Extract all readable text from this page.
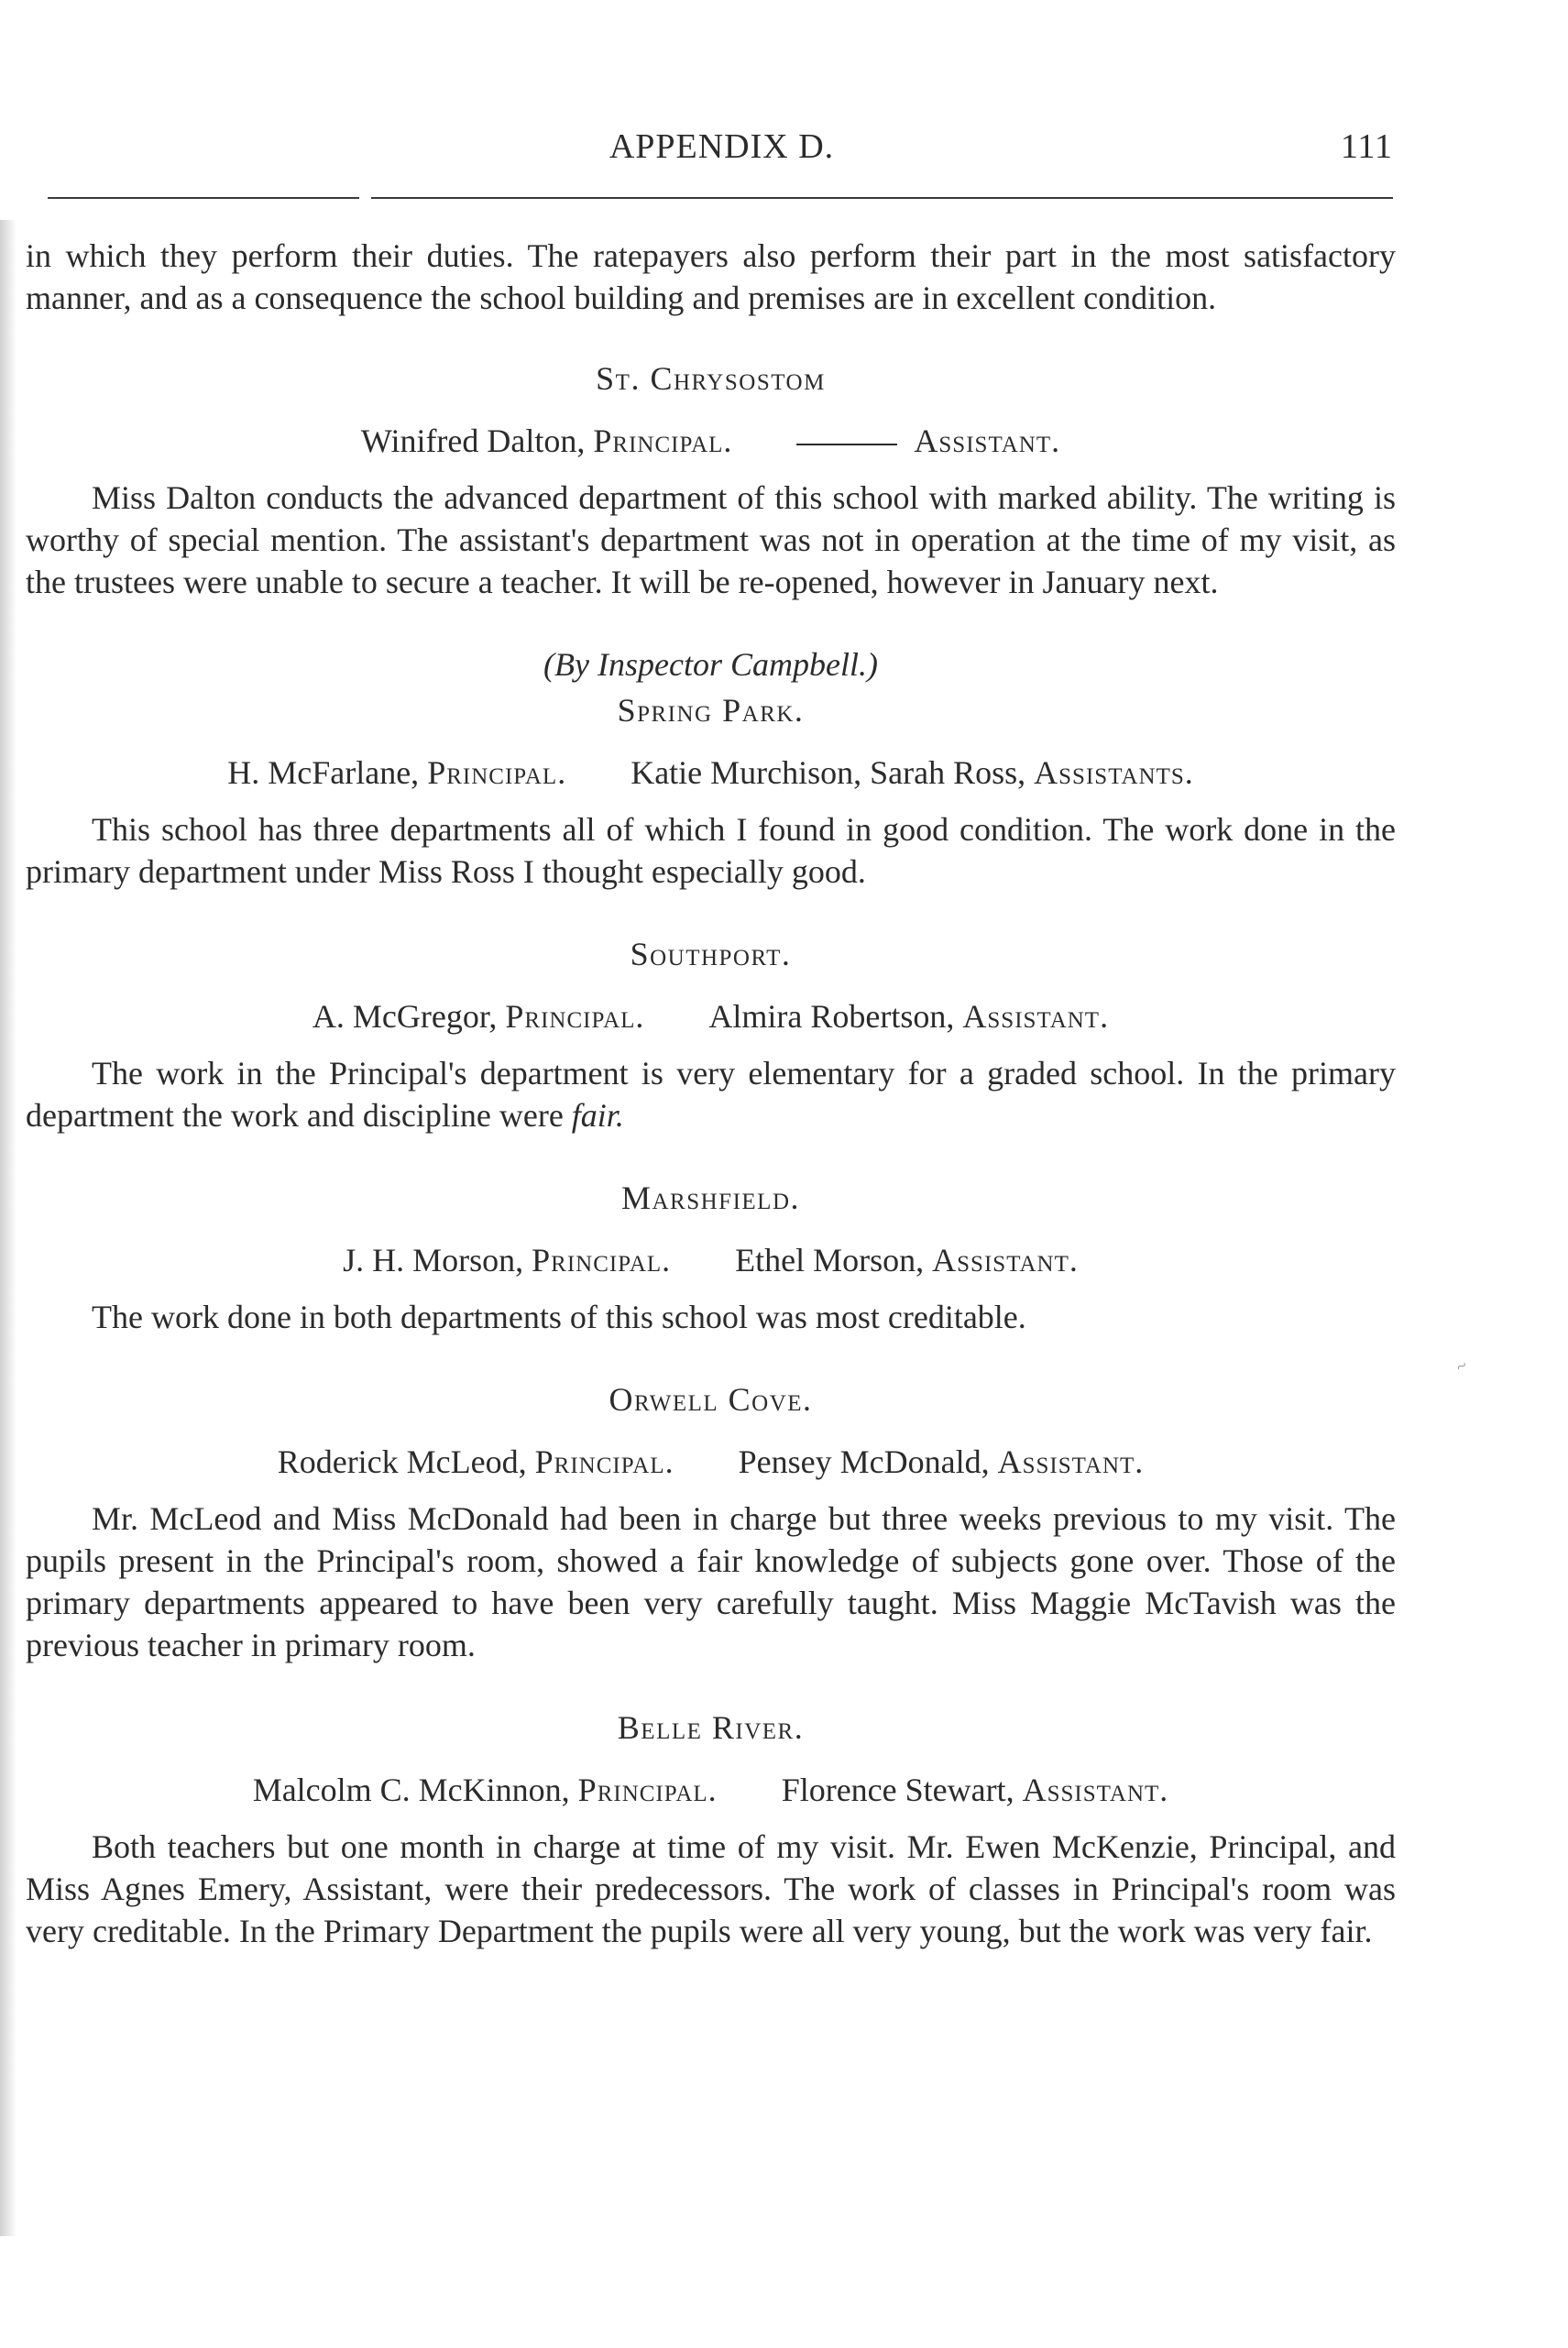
APPENDIX D.	111

in which they perform their duties. The ratepayers also perform their part in the most satisfactory manner, and as a consequence the school building and premises are in excellent condition.

St. Chrysostom
Winifred Dalton, Principal.	Assistant.

Miss Dalton conducts the advanced department of this school with marked ability. The writing is worthy of special mention. The assistant's department was not in operation at the time of my visit, as the trustees were unable to secure a teacher. It will be re-opened, however in January next.

(By Inspector Campbell.)
Spring Park.
H. McFarlane, Principal. Katie Murchison, Sarah Ross, Assistants.

This school has three departments all of which I found in good condition. The work done in the primary department under Miss Ross I thought especially good.

Southport.
A. McGregor, Principal. Almira Robertson, Assistant.

The work in the Principal's department is very elementary for a graded school. In the primary department the work and discipline were fair.

Marshfield.
J. H. Morson, Principal. Ethel Morson, Assistant.

The work done in both departments of this school was most creditable.

Orwell Cove.
Roderick McLeod, Principal. Pensey McDonald, Assistant.

Mr. McLeod and Miss McDonald had been in charge but three weeks previous to my visit. The pupils present in the Principal's room, showed a fair knowledge of subjects gone over. Those of the primary departments appeared to have been very carefully taught. Miss Maggie McTavish was the previous teacher in primary room.

Belle River.
Malcolm C. McKinnon, Principal. Florence Stewart, Assistant.

Both teachers but one month in charge at time of my visit. Mr. Ewen McKenzie, Principal, and Miss Agnes Emery, Assistant, were their predecessors. The work of classes in Principal's room was very creditable. In the Primary Department the pupils were all very young, but the work was very fair.

~
